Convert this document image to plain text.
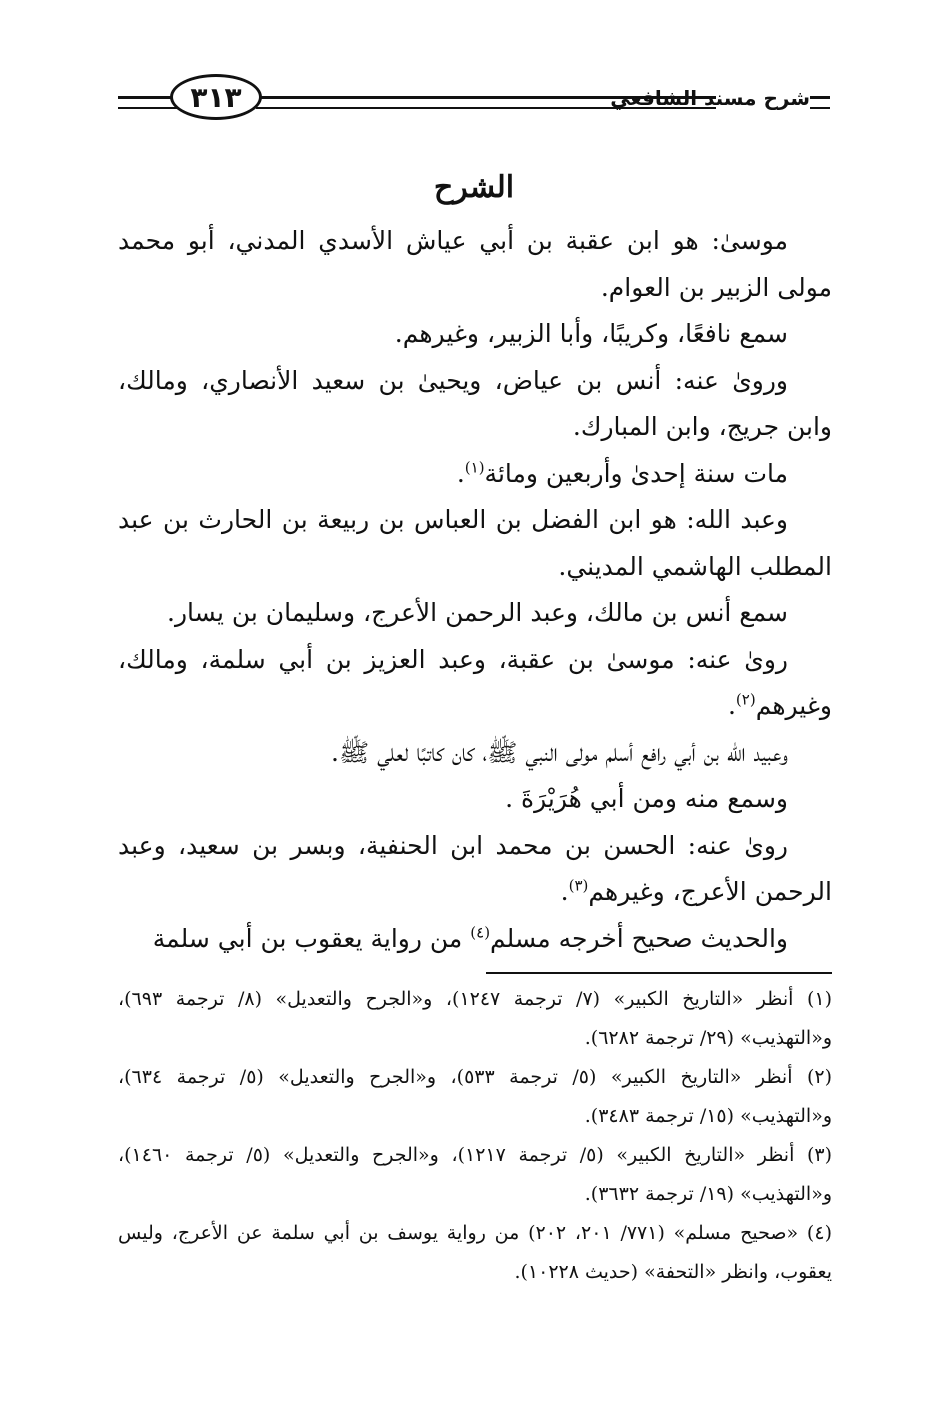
٣١٣	شرح مسند الشافعي
الشرح

موسىٰ: هو ابن عقبة بن أبي عياش الأسدي المدني، أبو محمد مولى الزبير بن العوام.

سمع نافعًا، وكريبًا، وأبا الزبير، وغيرهم.

وروىٰ عنه: أنس بن عياض، ويحيىٰ بن سعيد الأنصاري، ومالك، وابن جريج، وابن المبارك.

مات سنة إحدىٰ وأربعين ومائة$^{(١)}$.

وعبد الله: هو ابن الفضل بن العباس بن ربيعة بن الحارث بن عبد المطلب الهاشمي المديني.

سمع أنس بن مالك، وعبد الرحمن الأعرج، وسليمان بن يسار.

روىٰ عنه: موسىٰ بن عقبة، وعبد العزيز بن أبي سلمة، ومالك، وغيرهم$^{(٢)}$.

وعبيد الله بن أبي رافع أسلم مولى النبي ﷺ، كان كاتبًا لعلي ﷺ.

وسمع منه ومن أبي هُرَيْرَةَ .

روىٰ عنه: الحسن بن محمد ابن الحنفية، وبسر بن سعيد، وعبد الرحمن الأعرج، وغيرهم$^{(٣)}$.

والحديث صحيح أخرجه مسلم$^{(٤)}$ من رواية يعقوب بن أبي سلمة

(١) أنظر «التاريخ الكبير» (٧/ ترجمة ١٢٤٧)، و«الجرح والتعديل» (٨/ ترجمة ٦٩٣)، و«التهذيب» (٢٩/ ترجمة ٦٢٨٢).

(٢) أنظر «التاريخ الكبير» (٥/ ترجمة ٥٣٣)، و«الجرح والتعديل» (٥/ ترجمة ٦٣٤)، و«التهذيب» (١٥/ ترجمة ٣٤٨٣).

(٣) أنظر «التاريخ الكبير» (٥/ ترجمة ١٢١٧)، و«الجرح والتعديل» (٥/ ترجمة ١٤٦٠)، و«التهذيب» (١٩/ ترجمة ٣٦٣٢).

(٤) «صحيح مسلم» (٧٧١/ ٢٠١، ٢٠٢) من رواية يوسف بن أبي سلمة عن الأعرج، وليس يعقوب، وانظر «التحفة» (حديث ١٠٢٢٨).
